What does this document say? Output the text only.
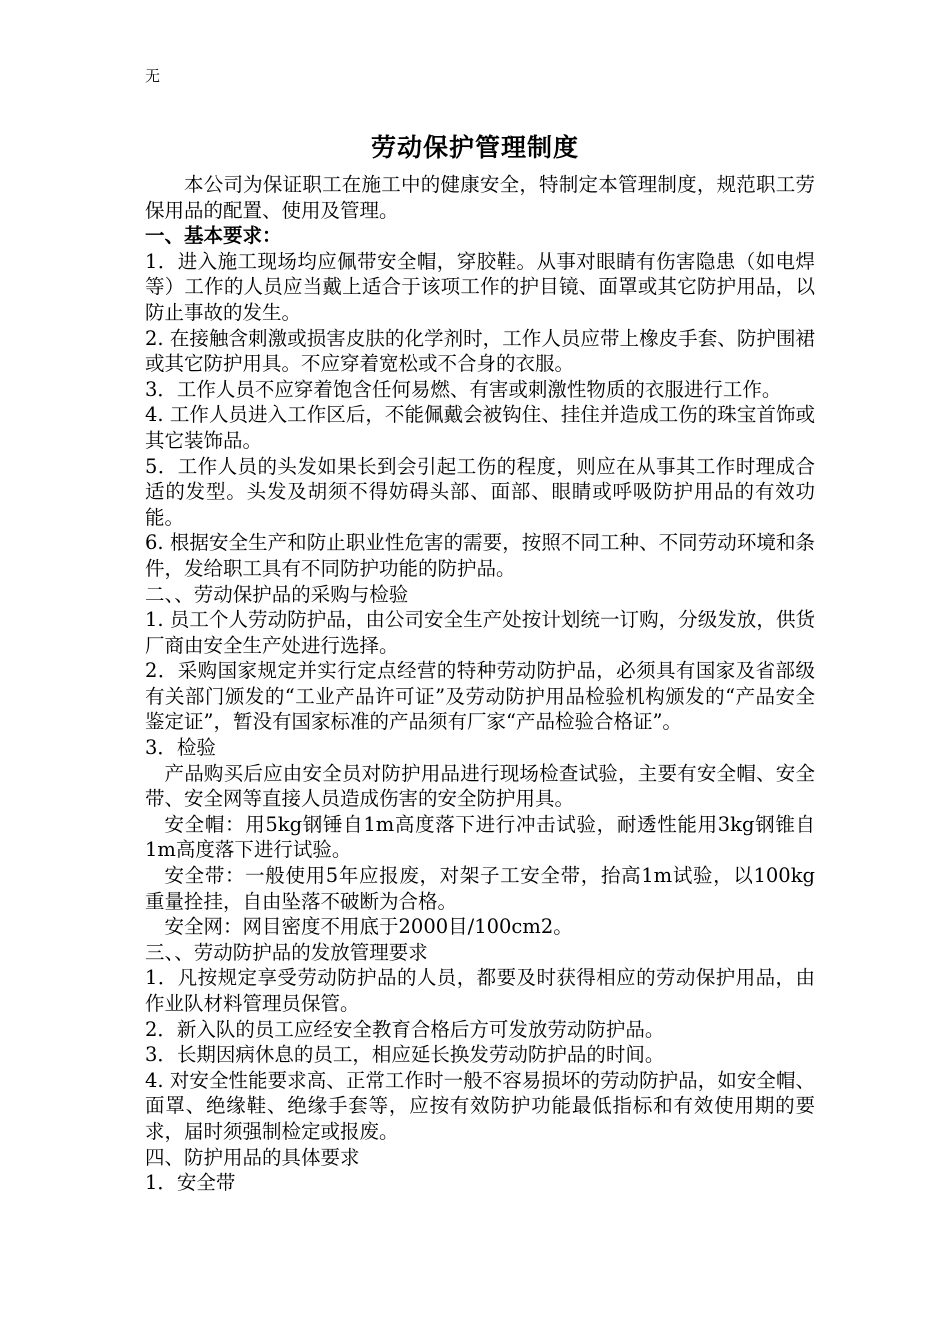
无
劳动保护管理制度

本公司为保证职工在施工中的健康安全，特制定本管理制度，规范职工劳保用品的配置、使用及管理。

一、基本要求：

1．进入施工现场均应佩带安全帽，穿胶鞋。从事对眼睛有伤害隐患（如电焊等）工作的人员应当戴上适合于该项工作的护目镜、面罩或其它防护用品，以防止事故的发生。

2. 在接触含刺激或损害皮肤的化学剂时，工作人员应带上橡皮手套、防护围裙或其它防护用具。不应穿着宽松或不合身的衣服。

3．工作人员不应穿着饱含任何易燃、有害或刺激性物质的衣服进行工作。

4. 工作人员进入工作区后，不能佩戴会被钩住、挂住并造成工伤的珠宝首饰或其它装饰品。

5．工作人员的头发如果长到会引起工伤的程度，则应在从事其工作时理成合适的发型。头发及胡须不得妨碍头部、面部、眼睛或呼吸防护用品的有效功能。

6. 根据安全生产和防止职业性危害的需要，按照不同工种、不同劳动环境和条件，发给职工具有不同防护功能的防护品。

二、、劳动保护品的采购与检验

1. 员工个人劳动防护品，由公司安全生产处按计划统一订购，分级发放，供货厂商由安全生产处进行选择。

2．采购国家规定并实行定点经营的特种劳动防护品，必须具有国家及省部级有关部门颁发的“工业产品许可证”及劳动防护用品检验机构颁发的“产品安全鉴定证”，暂没有国家标准的产品须有厂家“产品检验合格证”。

3．检验

产品购买后应由安全员对防护用品进行现场检查试验，主要有安全帽、安全带、安全网等直接人员造成伤害的安全防护用具。

安全帽：用5kg钢锤自1m高度落下进行冲击试验，耐透性能用3kg钢锥自1m高度落下进行试验。

安全带：一般使用5年应报废，对架子工安全带，抬高1m试验，以100kg重量拴挂，自由坠落不破断为合格。

安全网：网目密度不用底于2000目/100cm2。

三、、劳动防护品的发放管理要求

1．凡按规定享受劳动防护品的人员，都要及时获得相应的劳动保护用品，由作业队材料管理员保管。

2．新入队的员工应经安全教育合格后方可发放劳动防护品。

3．长期因病休息的员工，相应延长换发劳动防护品的时间。

4. 对安全性能要求高、正常工作时一般不容易损坏的劳动防护品，如安全帽、面罩、绝缘鞋、绝缘手套等，应按有效防护功能最低指标和有效使用期的要求，届时须强制检定或报废。

四、防护用品的具体要求

1．安全带
